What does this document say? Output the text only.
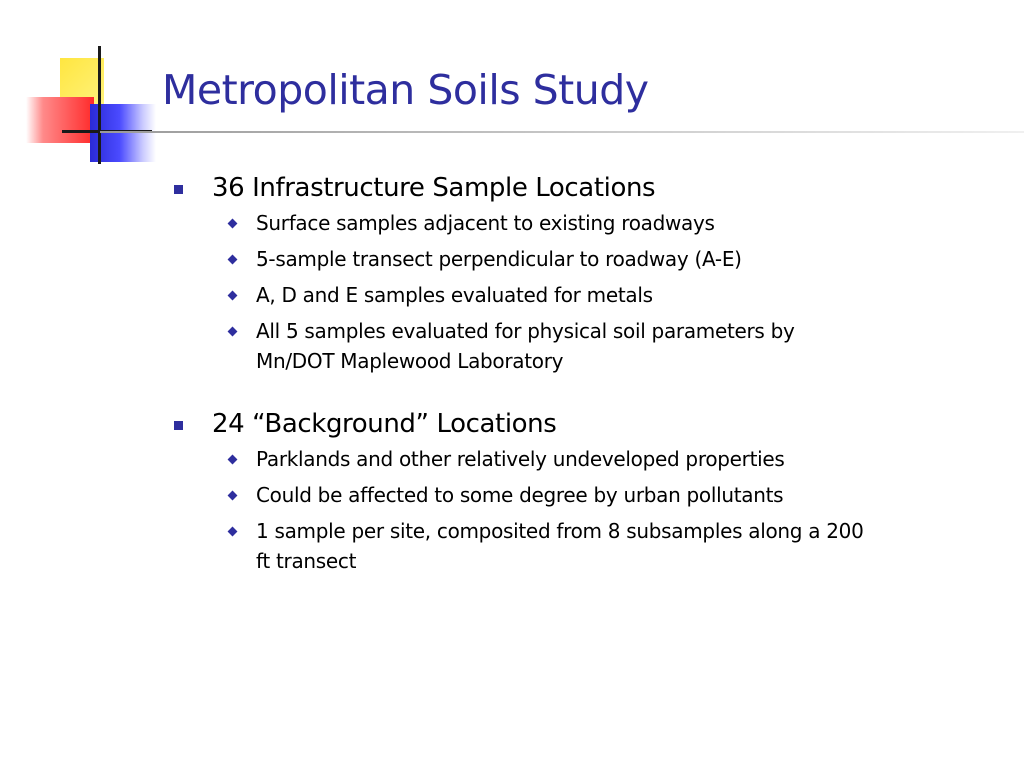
Metropolitan Soils Study
36 Infrastructure Sample Locations
Surface samples adjacent to existing roadways
5-sample transect perpendicular to roadway (A-E)
A, D and E samples evaluated for metals
All 5 samples evaluated for physical soil parameters by Mn/DOT Maplewood Laboratory
24 “Background” Locations
Parklands and other relatively undeveloped properties
Could be affected to some degree by urban pollutants
1 sample per site, composited from 8 subsamples along a 200 ft transect
